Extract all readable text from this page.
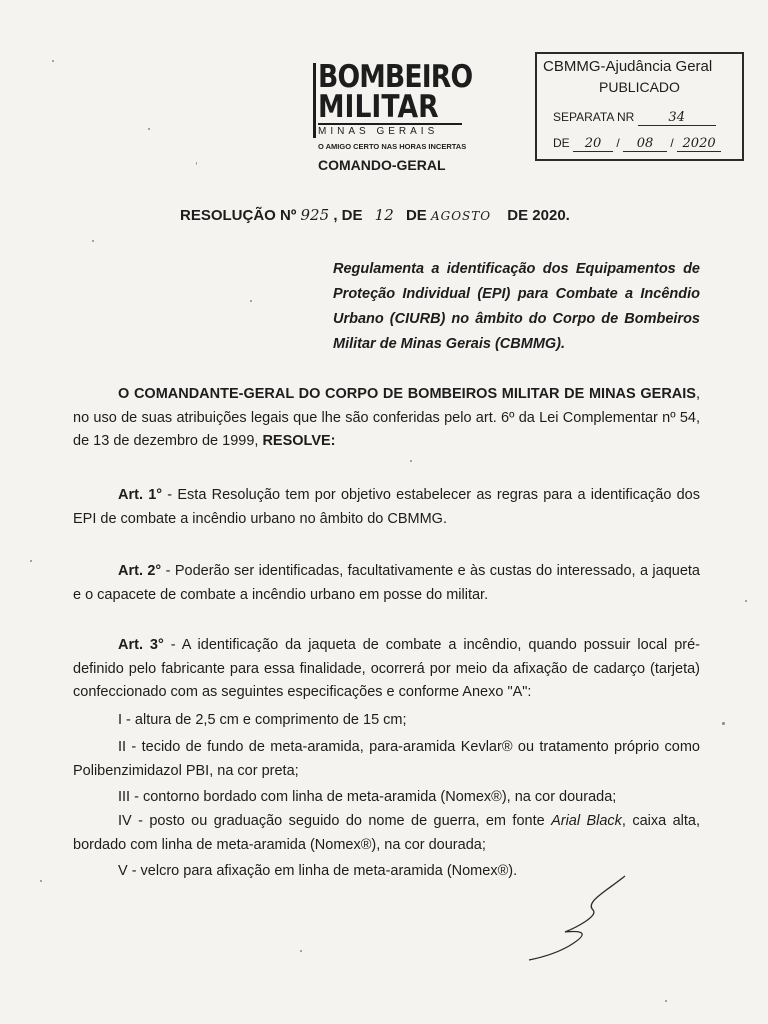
BOMBEIRO
MILITAR
MINAS GERAIS
O AMIGO CERTO NAS HORAS INCERTAS
COMANDO-GERAL
CBMMG-Ajudância Geral
PUBLICADO
SEPARATA NR	34
DE 20 / 08 / 2020
RESOLUÇÃO Nº 925 , DE 12 DE AGOSTO DE 2020.
Regulamenta a identificação dos Equipamentos de Proteção Individual (EPI) para Combate a Incêndio Urbano (CIURB) no âmbito do Corpo de Bombeiros Militar de Minas Gerais (CBMMG).
O COMANDANTE-GERAL DO CORPO DE BOMBEIROS MILITAR DE MINAS GERAIS, no uso de suas atribuições legais que lhe são conferidas pelo art. 6º da Lei Complementar nº 54, de 13 de dezembro de 1999, RESOLVE:
Art. 1° - Esta Resolução tem por objetivo estabelecer as regras para a identificação dos EPI de combate a incêndio urbano no âmbito do CBMMG.
Art. 2° - Poderão ser identificadas, facultativamente e às custas do interessado, a jaqueta e o capacete de combate a incêndio urbano em posse do militar.
Art. 3° - A identificação da jaqueta de combate a incêndio, quando possuir local pré-definido pelo fabricante para essa finalidade, ocorrerá por meio da afixação de cadarço (tarjeta) confeccionado com as seguintes especificações e conforme Anexo "A":
I - altura de 2,5 cm e comprimento de 15 cm;
II - tecido de fundo de meta-aramida, para-aramida Kevlar® ou tratamento próprio como Polibenzimidazol PBI, na cor preta;
III - contorno bordado com linha de meta-aramida (Nomex®), na cor dourada;
IV - posto ou graduação seguido do nome de guerra, em fonte Arial Black, caixa alta, bordado com linha de meta-aramida (Nomex®), na cor dourada;
V - velcro para afixação em linha de meta-aramida (Nomex®).
